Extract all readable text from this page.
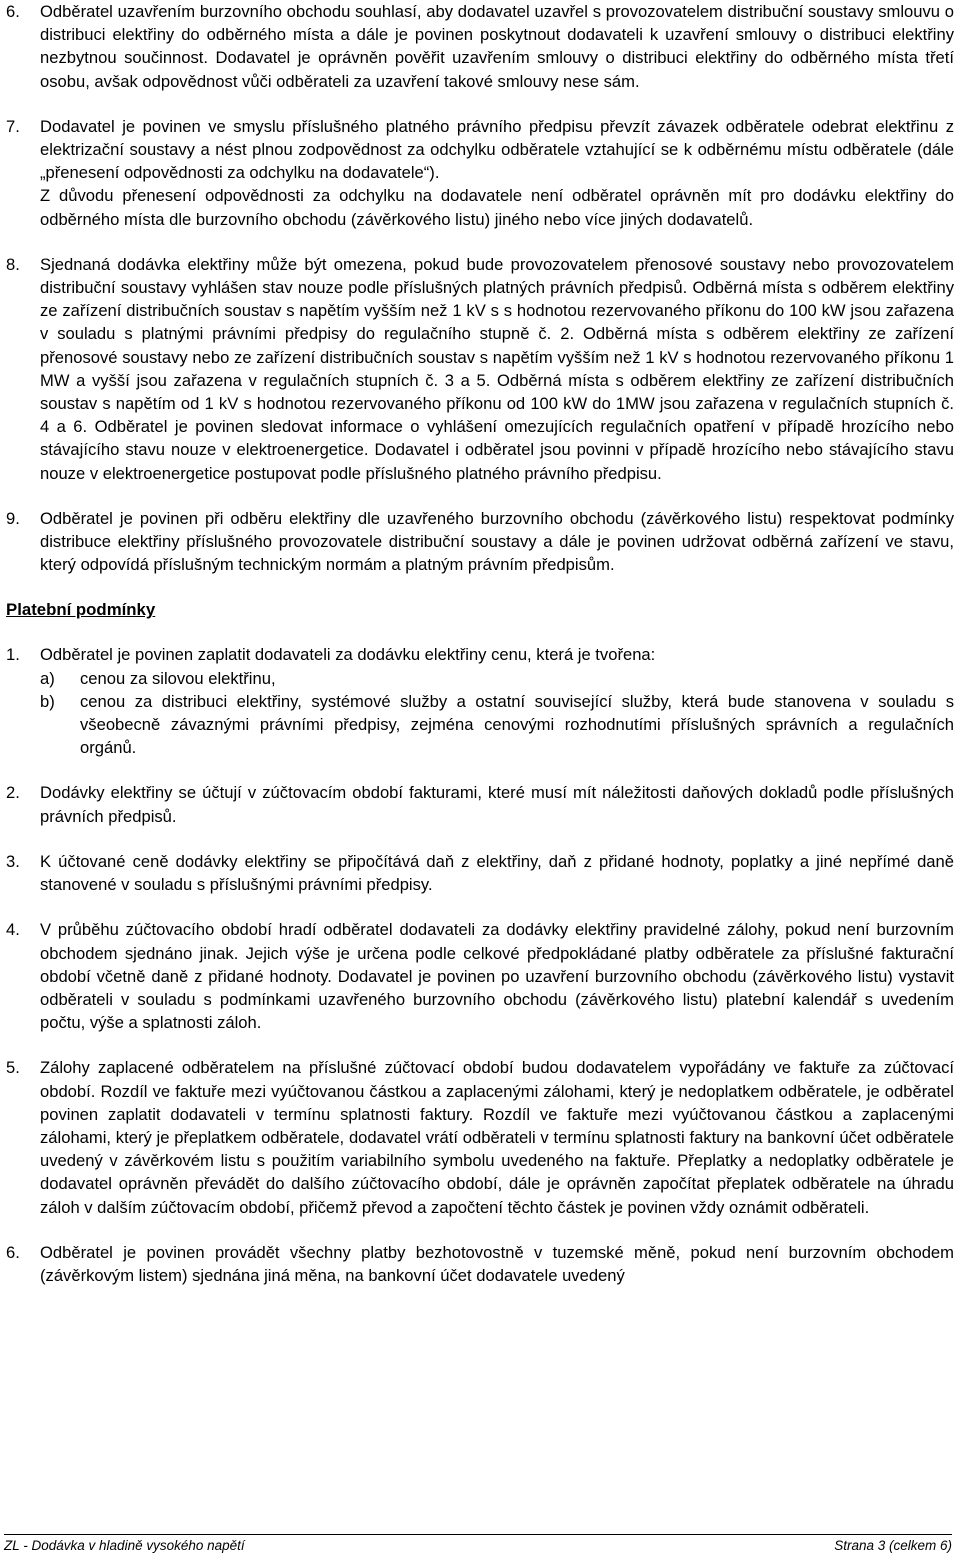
6. Odběratel uzavřením burzovního obchodu souhlasí, aby dodavatel uzavřel s provozovatelem distribuční soustavy smlouvu o distribuci elektřiny do odběrného místa a dále je povinen poskytnout dodavateli k uzavření smlouvy o distribuci elektřiny nezbytnou součinnost. Dodavatel je oprávněn pověřit uzavřením smlouvy o distribuci elektřiny do odběrného místa třetí osobu, avšak odpovědnost vůči odběrateli za uzavření takové smlouvy nese sám.

7. Dodavatel je povinen ve smyslu příslušného platného právního předpisu převzít závazek odběratele odebrat elektřinu z elektrizační soustavy a nést plnou zodpovědnost za odchylku odběratele vztahující se k odběrnému místu odběratele (dále „přenesení odpovědnosti za odchylku na dodavatele“).

Z důvodu přenesení odpovědnosti za odchylku na dodavatele není odběratel oprávněn mít pro dodávku elektřiny do odběrného místa dle burzovního obchodu (závěrkového listu) jiného nebo více jiných dodavatelů.

8. Sjednaná dodávka elektřiny může být omezena, pokud bude provozovatelem přenosové soustavy nebo provozovatelem distribuční soustavy vyhlášen stav nouze podle příslušných platných právních předpisů. Odběrná místa s odběrem elektřiny ze zařízení distribučních soustav s napětím vyšším než 1 kV s s hodnotou rezervovaného příkonu do 100 kW jsou zařazena v souladu s platnými právními předpisy do regulačního stupně č. 2. Odběrná místa s odběrem elektřiny ze zařízení přenosové soustavy nebo ze zařízení distribučních soustav s napětím vyšším než 1 kV s hodnotou rezervovaného příkonu 1 MW a vyšší jsou zařazena v regulačních stupních č. 3 a 5. Odběrná místa s odběrem elektřiny ze zařízení distribučních soustav s napětím od 1 kV s hodnotou rezervovaného příkonu od 100 kW do 1MW jsou zařazena v regulačních stupních č. 4 a 6. Odběratel je povinen sledovat informace o vyhlášení omezujících regulačních opatření v případě hrozícího nebo stávajícího stavu nouze v elektroenergetice. Dodavatel i odběratel jsou povinni v případě hrozícího nebo stávajícího stavu nouze v elektroenergetice postupovat podle příslušného platného právního předpisu.

9. Odběratel je povinen při odběru elektřiny dle uzavřeného burzovního obchodu (závěrkového listu) respektovat podmínky distribuce elektřiny příslušného provozovatele distribuční soustavy a dále je povinen udržovat odběrná zařízení ve stavu, který odpovídá příslušným technickým normám a platným právním předpisům.

Platební podmínky
1. Odběratel je povinen zaplatit dodavateli za dodávku elektřiny cenu, která je tvořena:

a) cenou za silovou elektřinu,
b) cenou za distribuci elektřiny, systémové služby a ostatní související služby, která bude stanovena v souladu s všeobecně závaznými právními předpisy, zejména cenovými rozhodnutími příslušných správních a regulačních orgánů.
2. Dodávky elektřiny se účtují v zúčtovacím období fakturami, které musí mít náležitosti daňových dokladů podle příslušných právních předpisů.

3. K účtované ceně dodávky elektřiny se připočítává daň z elektřiny, daň z přidané hodnoty, poplatky a jiné nepřímé daně stanovené v souladu s příslušnými právními předpisy.

4. V průběhu zúčtovacího období hradí odběratel dodavateli za dodávky elektřiny pravidelné zálohy, pokud není burzovním obchodem sjednáno jinak. Jejich výše je určena podle celkové předpokládané platby odběratele za příslušné fakturační období včetně daně z přidané hodnoty. Dodavatel je povinen po uzavření burzovního obchodu (závěrkového listu) vystavit odběrateli v souladu s podmínkami uzavřeného burzovního obchodu (závěrkového listu) platební kalendář s uvedením počtu, výše a splatnosti záloh.

5. Zálohy zaplacené odběratelem na příslušné zúčtovací období budou dodavatelem vypořádány ve faktuře za zúčtovací období. Rozdíl ve faktuře mezi vyúčtovanou částkou a zaplacenými zálohami, který je nedoplatkem odběratele, je odběratel povinen zaplatit dodavateli v termínu splatnosti faktury. Rozdíl ve faktuře mezi vyúčtovanou částkou a zaplacenými zálohami, který je přeplatkem odběratele, dodavatel vrátí odběrateli v termínu splatnosti faktury na bankovní účet odběratele uvedený v závěrkovém listu s použitím variabilního symbolu uvedeného na faktuře. Přeplatky a nedoplatky odběratele je dodavatel oprávněn převádět do dalšího zúčtovacího období, dále je oprávněn započítat přeplatek odběratele na úhradu záloh v dalším zúčtovacím období, přičemž převod a započtení těchto částek je povinen vždy oznámit odběrateli.

6. Odběratel je povinen provádět všechny platby bezhotovostně v tuzemské měně, pokud není burzovním obchodem (závěrkovým listem) sjednána jiná měna, na bankovní účet dodavatele uvedený

ZL - Dodávka v hladině vysokého napětí	Strana 3 (celkem 6)
